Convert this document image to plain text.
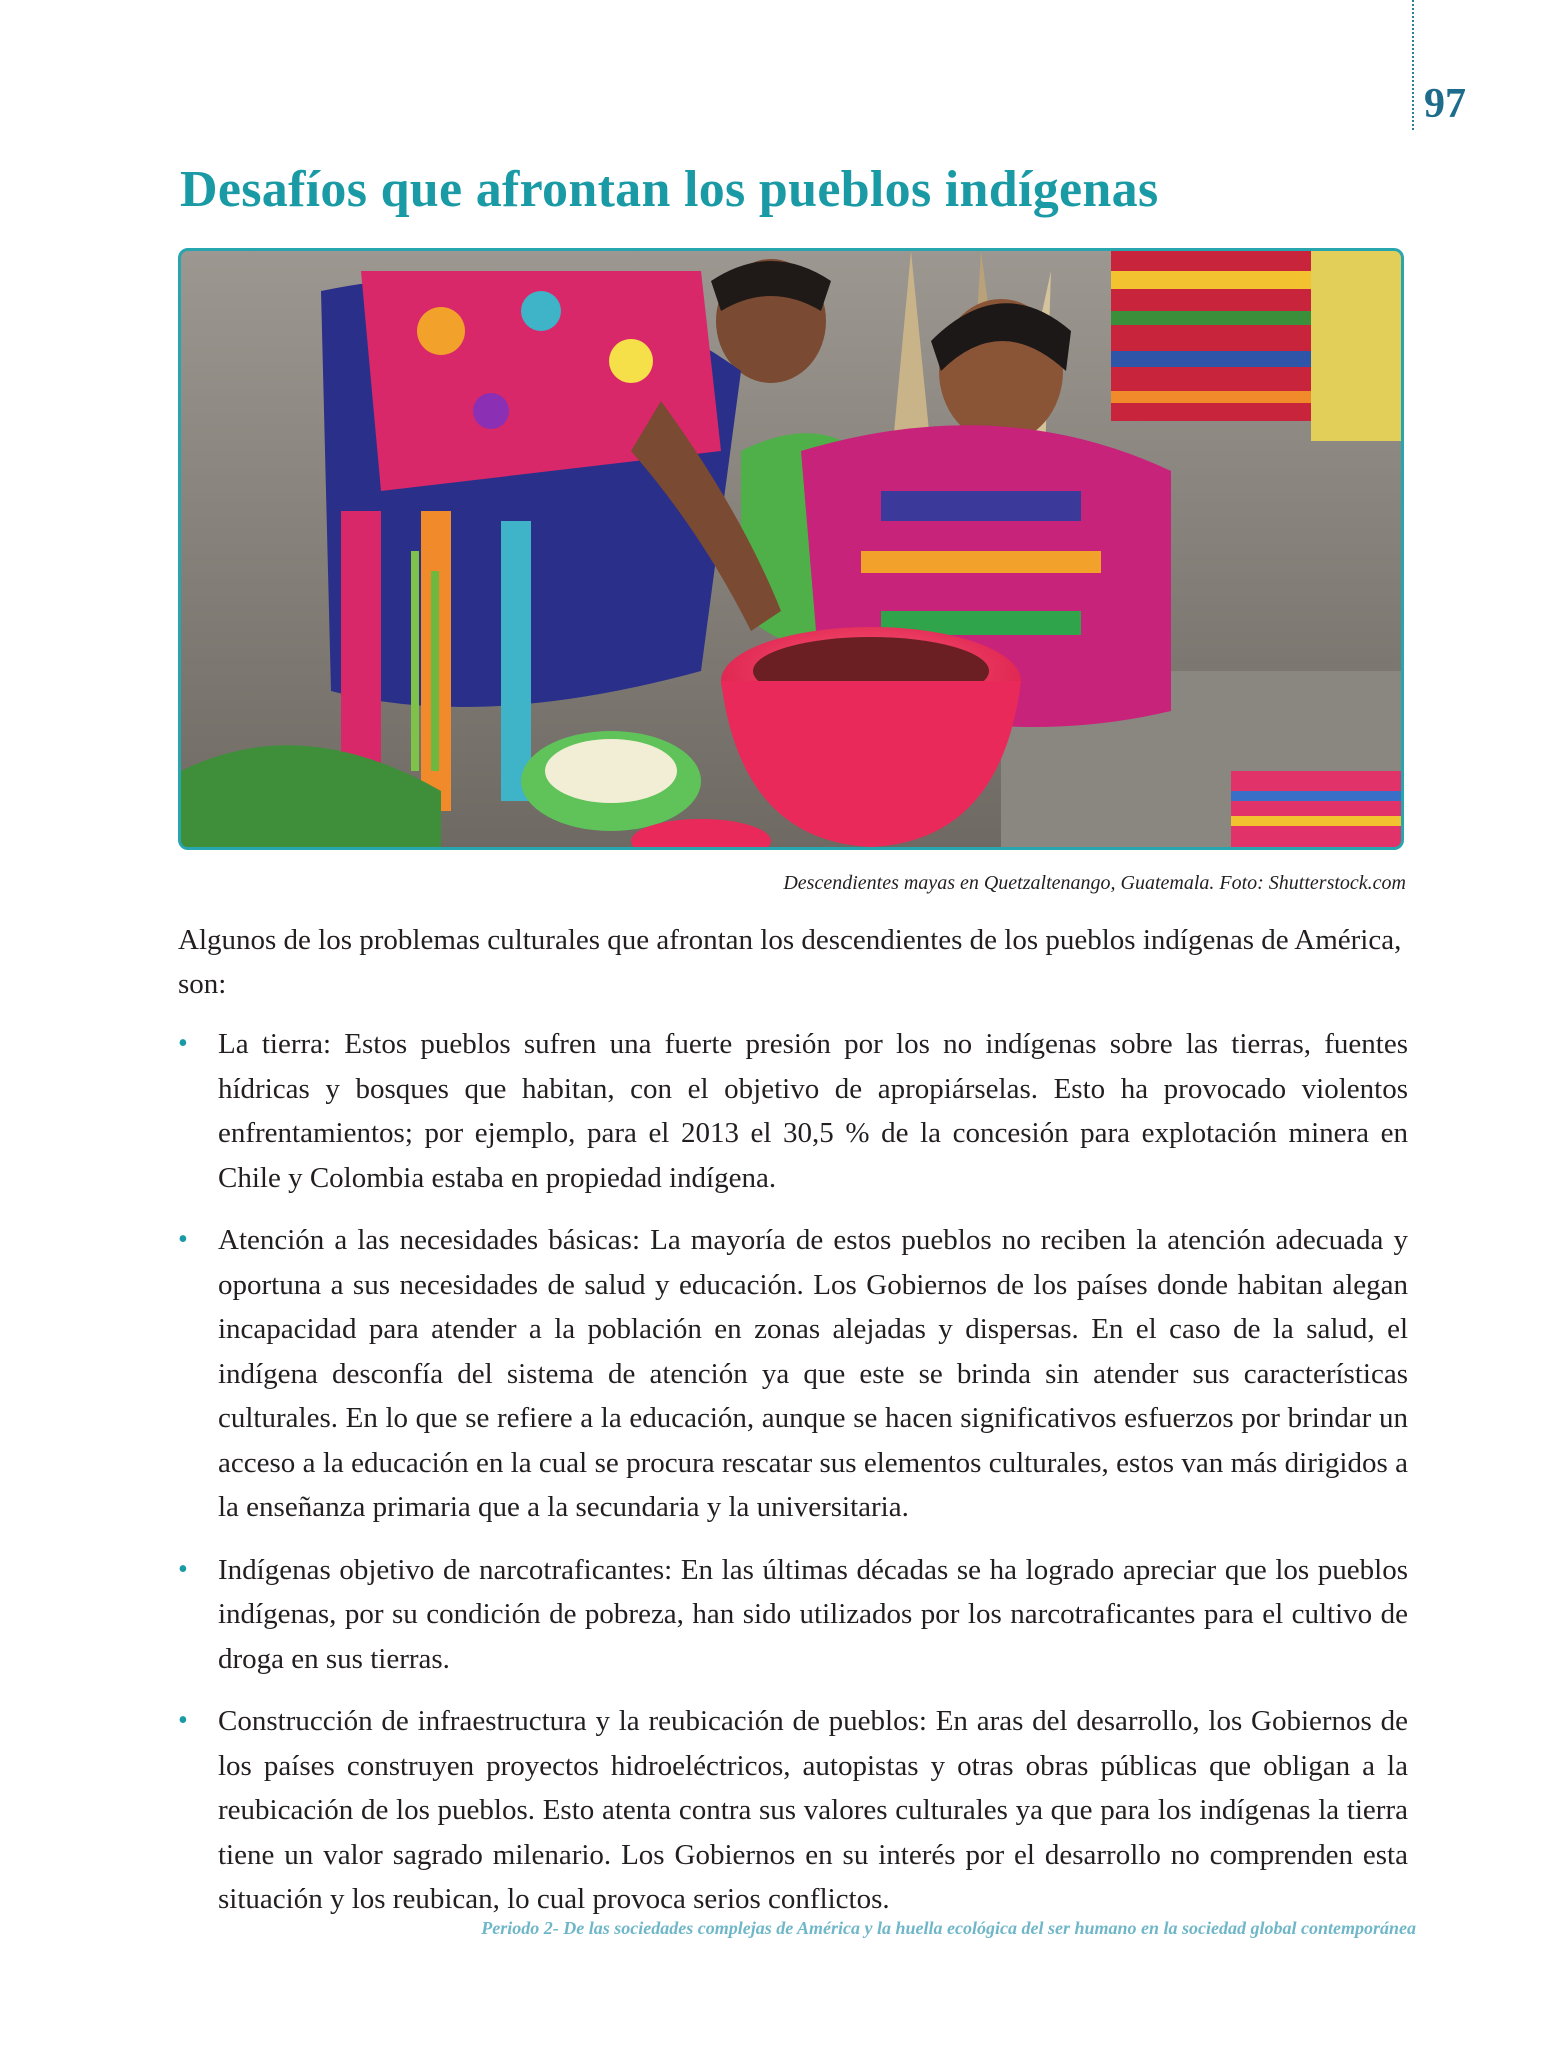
97
Desafíos que afrontan los pueblos indígenas
Descendientes mayas en Quetzaltenango, Guatemala. Foto: Shutterstock.com

Algunos de los problemas culturales que afrontan los descendientes de los pueblos indígenas de América, son:

• La tierra: Estos pueblos sufren una fuerte presión por los no indígenas sobre las tierras, fuentes hídricas y bosques que habitan, con el objetivo de apropiárselas. Esto ha provocado violentos enfrentamientos; por ejemplo, para el 2013 el 30,5 % de la concesión para explotación minera en Chile y Colombia estaba en propiedad indígena.
• Atención a las necesidades básicas: La mayoría de estos pueblos no reciben la atención adecuada y oportuna a sus necesidades de salud y educación. Los Gobiernos de los países donde habitan alegan incapacidad para atender a la población en zonas alejadas y dispersas. En el caso de la salud, el indígena desconfía del sistema de atención ya que este se brinda sin atender sus características culturales. En lo que se refiere a la educación, aunque se hacen significativos esfuerzos por brindar un acceso a la educación en la cual se procura rescatar sus elementos culturales, estos van más dirigidos a la enseñanza primaria que a la secundaria y la universitaria.
• Indígenas objetivo de narcotraficantes: En las últimas décadas se ha logrado apreciar que los pueblos indígenas, por su condición de pobreza, han sido utilizados por los narcotraficantes para el cultivo de droga en sus tierras.
• Construcción de infraestructura y la reubicación de pueblos: En aras del desarrollo, los Gobiernos de los países construyen proyectos hidroeléctricos, autopistas y otras obras públicas que obligan a la reubicación de los pueblos. Esto atenta contra sus valores culturales ya que para los indígenas la tierra tiene un valor sagrado milenario. Los Gobiernos en su interés por el desarrollo no comprenden esta situación y los reubican, lo cual provoca serios conflictos.
Periodo 2- De las sociedades complejas de América y la huella ecológica del ser humano en la sociedad global contemporánea
